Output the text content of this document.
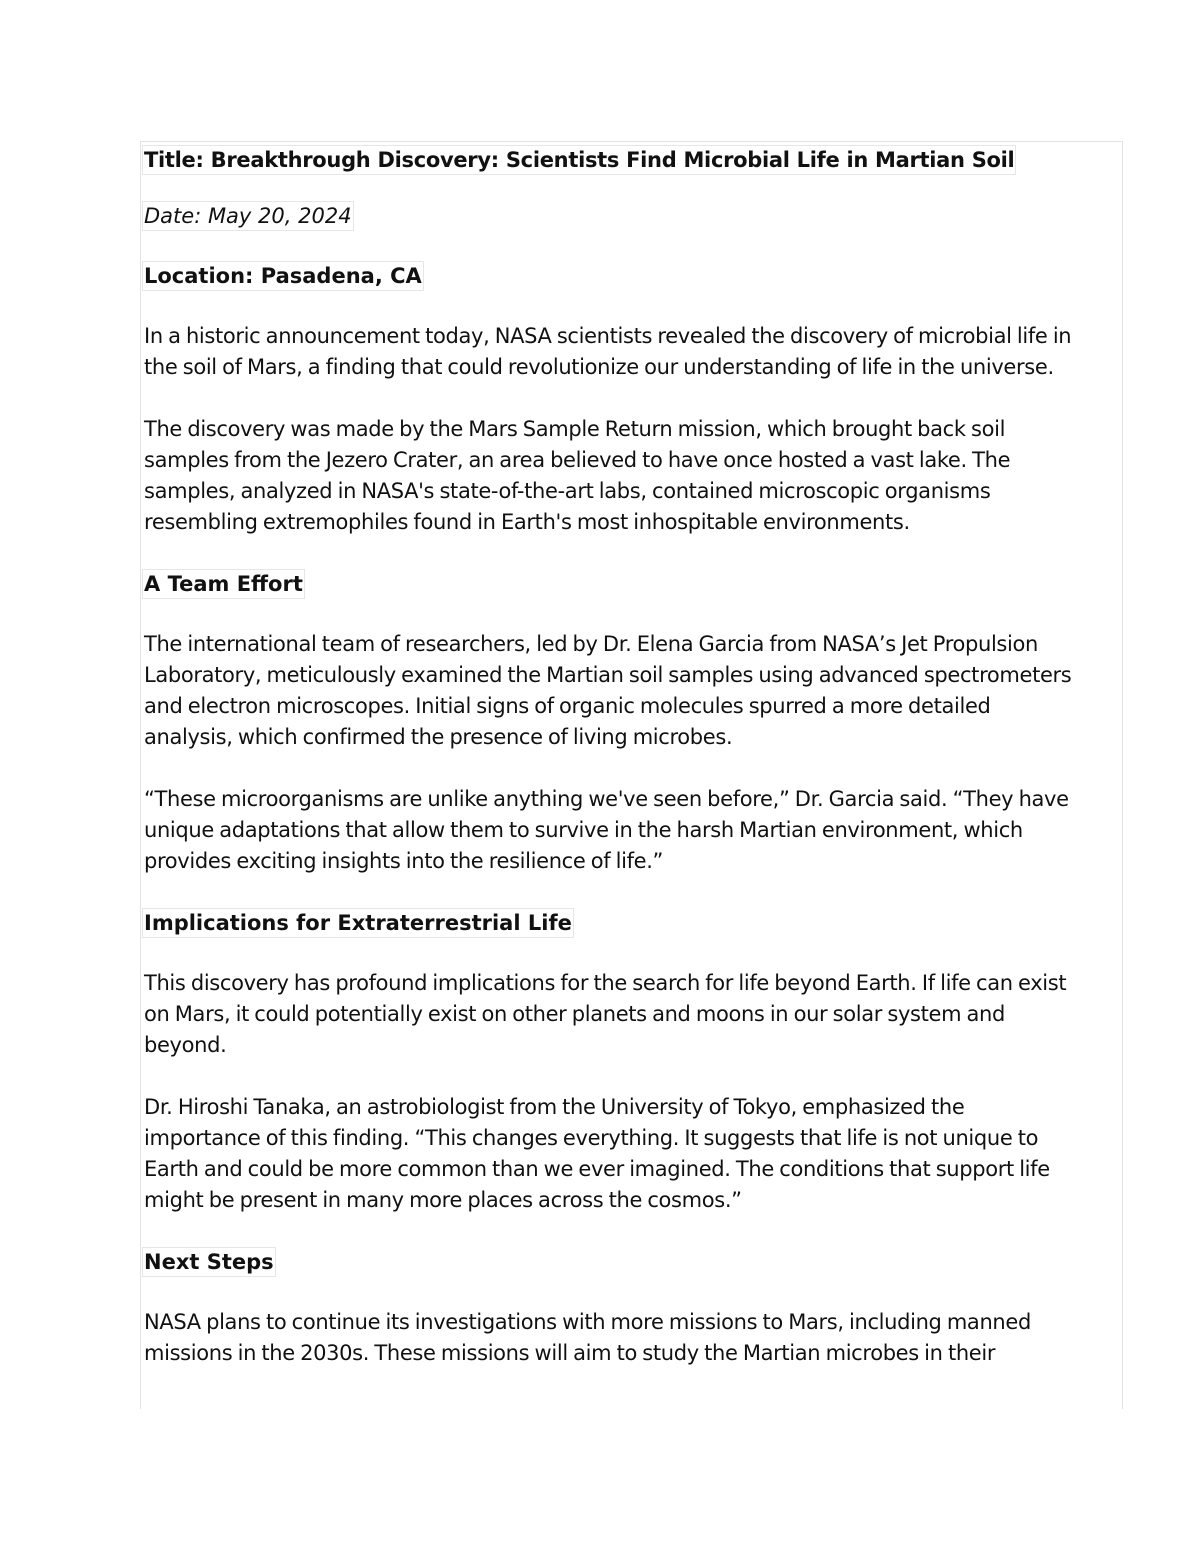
Title: Breakthrough Discovery: Scientists Find Microbial Life in Martian Soil
Date: May 20, 2024
Location: Pasadena, CA

In a historic announcement today, NASA scientists revealed the discovery of microbial life in the soil of Mars, a finding that could revolutionize our understanding of life in the universe.

The discovery was made by the Mars Sample Return mission, which brought back soil samples from the Jezero Crater, an area believed to have once hosted a vast lake. The samples, analyzed in NASA's state-of-the-art labs, contained microscopic organisms resembling extremophiles found in Earth's most inhospitable environments.

A Team Effort

The international team of researchers, led by Dr. Elena Garcia from NASA’s Jet Propulsion Laboratory, meticulously examined the Martian soil samples using advanced spectrometers and electron microscopes. Initial signs of organic molecules spurred a more detailed analysis, which confirmed the presence of living microbes.

“These microorganisms are unlike anything we've seen before,” Dr. Garcia said. “They have unique adaptations that allow them to survive in the harsh Martian environment, which provides exciting insights into the resilience of life.”

Implications for Extraterrestrial Life

This discovery has profound implications for the search for life beyond Earth. If life can exist on Mars, it could potentially exist on other planets and moons in our solar system and beyond.

Dr. Hiroshi Tanaka, an astrobiologist from the University of Tokyo, emphasized the importance of this finding. “This changes everything. It suggests that life is not unique to Earth and could be more common than we ever imagined. The conditions that support life might be present in many more places across the cosmos.”

Next Steps

NASA plans to continue its investigations with more missions to Mars, including manned missions in the 2030s. These missions will aim to study the Martian microbes in their
